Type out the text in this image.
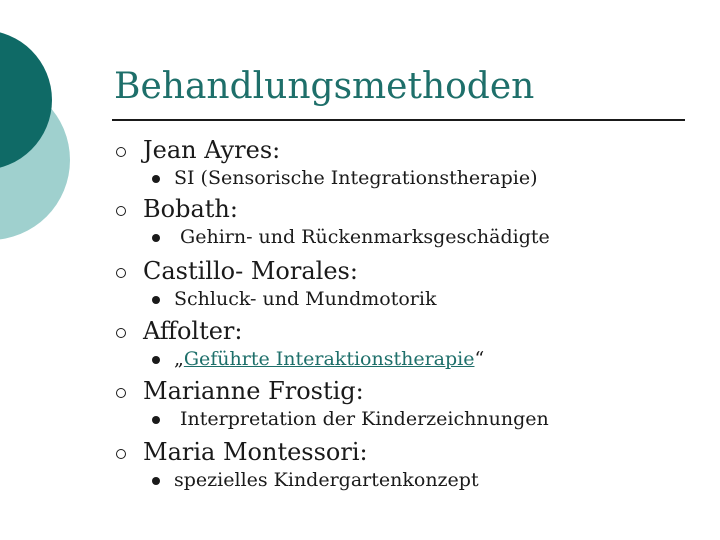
Behandlungsmethoden
Jean Ayres:
SI (Sensorische Integrationstherapie)
Bobath:
Gehirn- und Rückenmarksgeschädigte
Castillo- Morales:
Schluck- und Mundmotorik
Affolter:
„Geführte Interaktionstherapie“
Marianne Frostig:
Interpretation der Kinderzeichnungen
Maria Montessori:
spezielles Kindergartenkonzept
